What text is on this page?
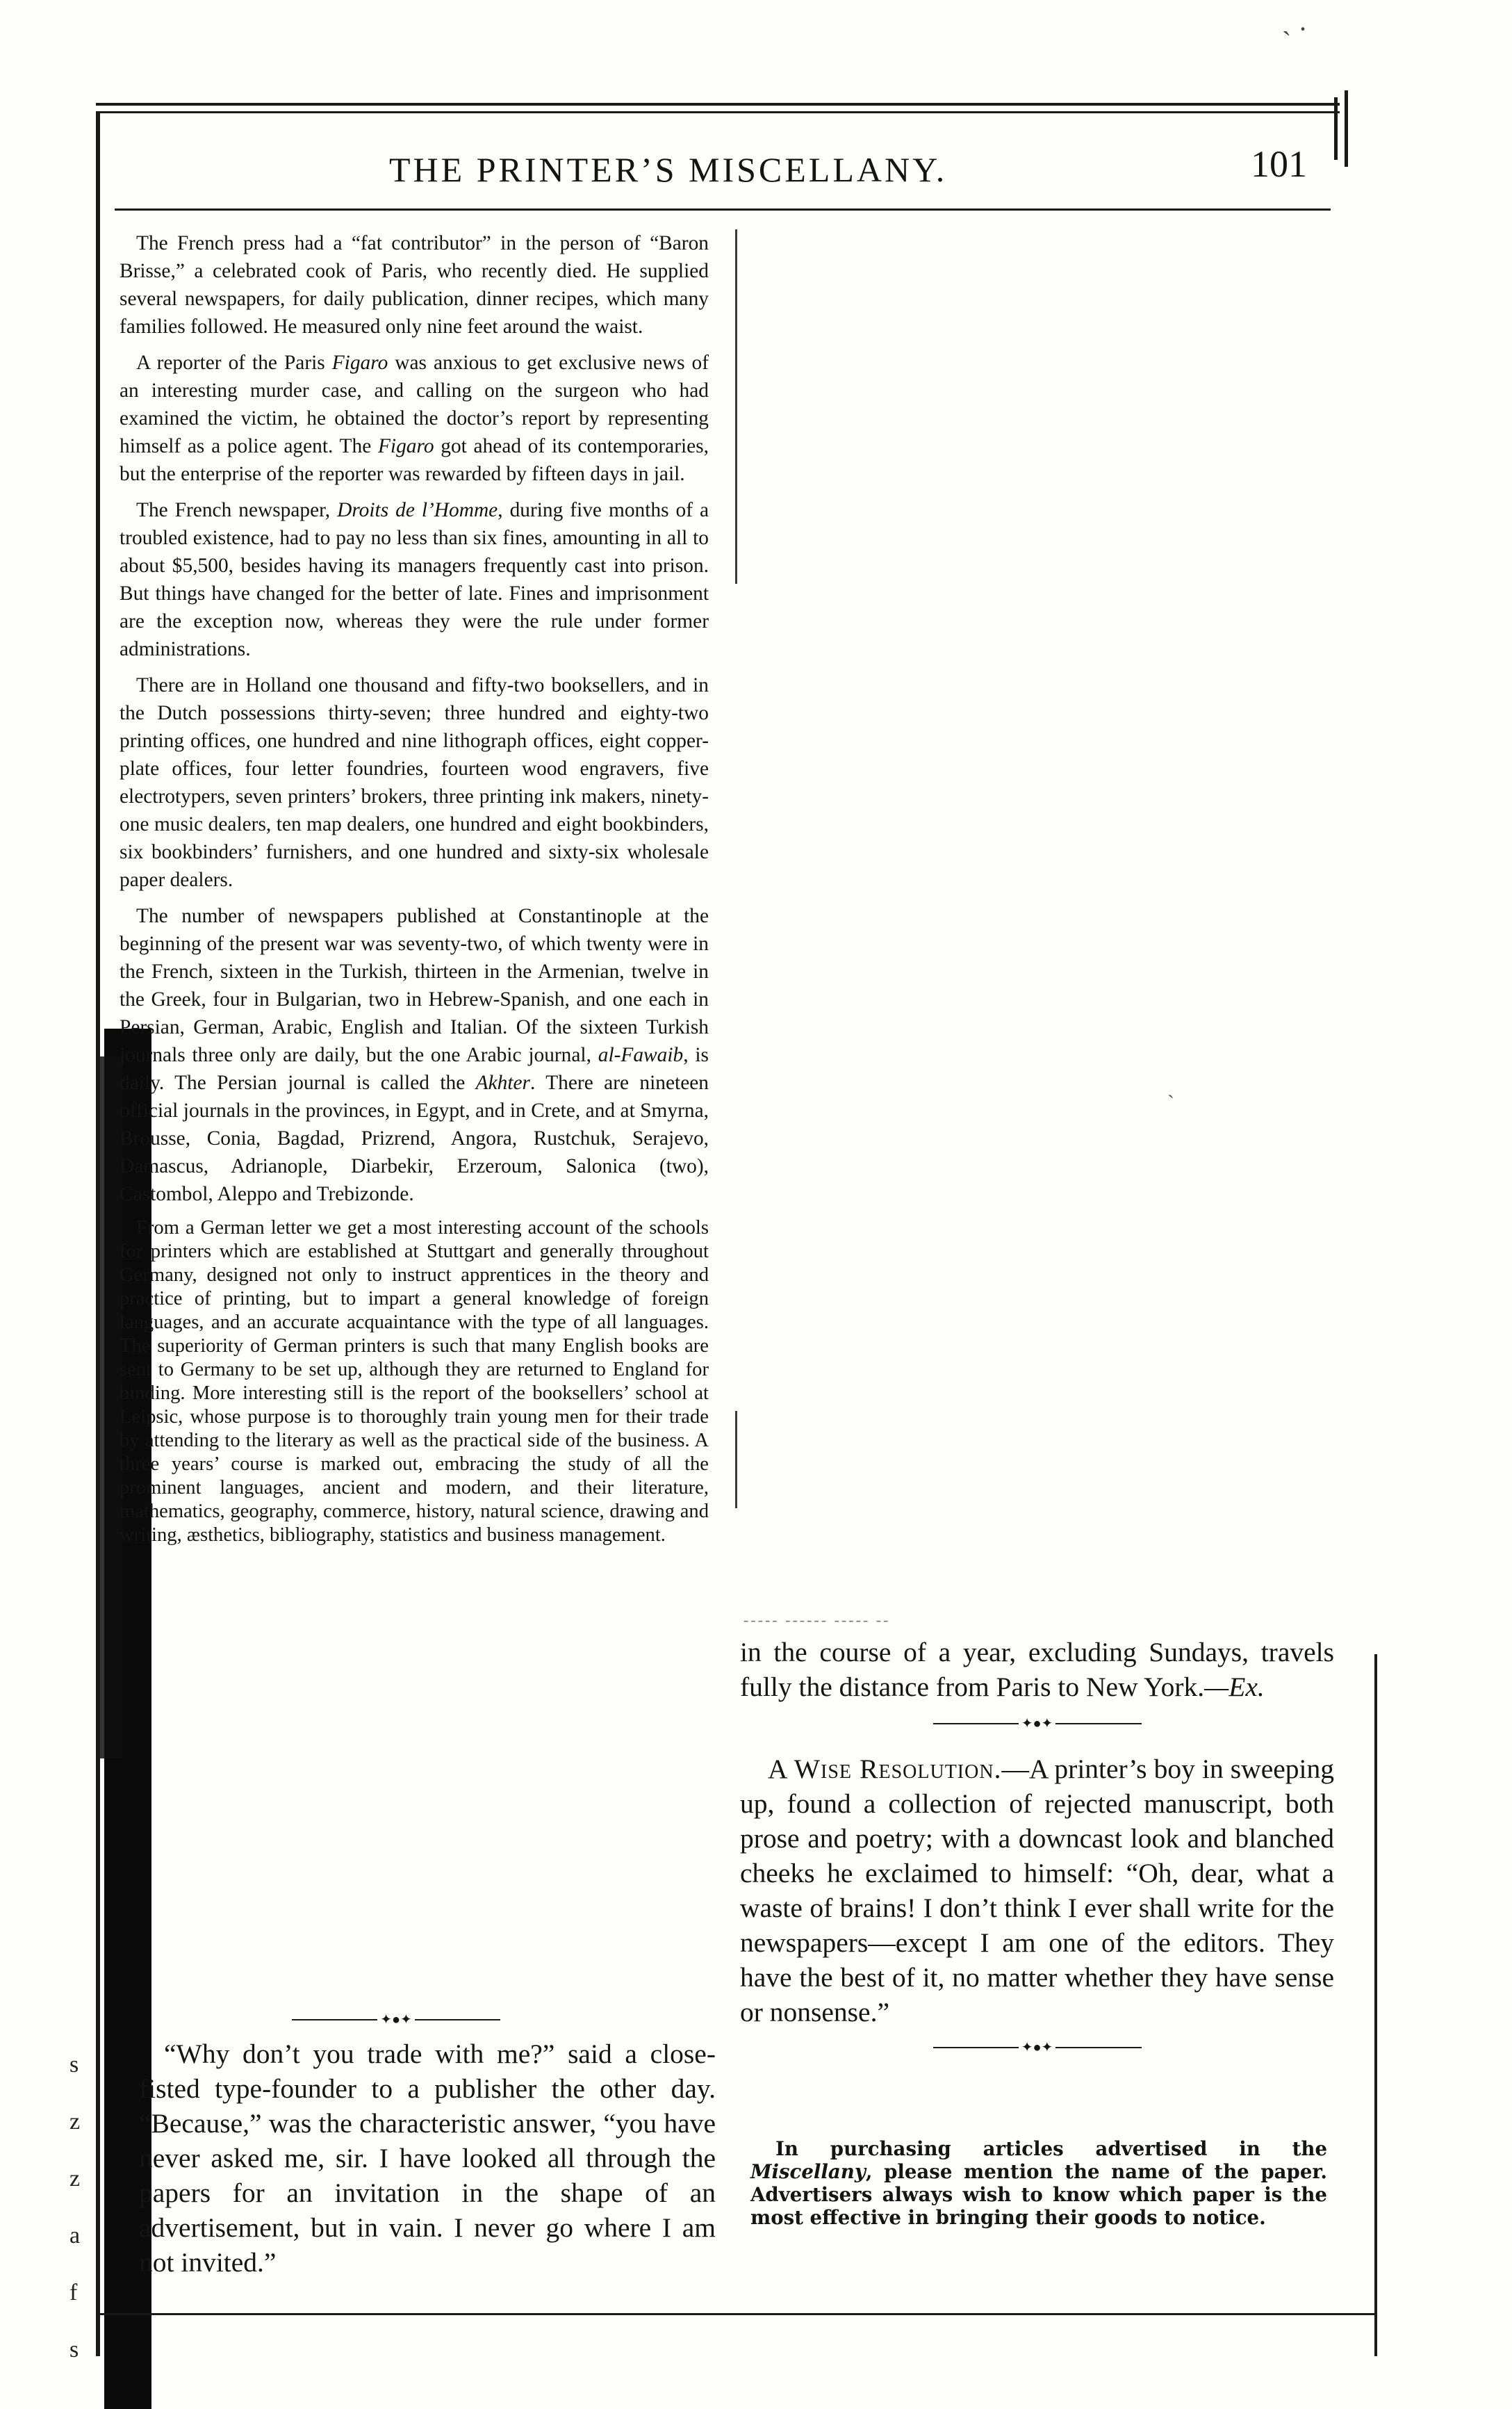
˴ ·
`
s
z
z
a
f
s
THE PRINTER’S MISCELLANY.	101

The French press had a “fat contributor” in the person of “Baron Brisse,” a celebrated cook of Paris, who recently died. He supplied several newspapers, for daily publication, dinner recipes, which many families followed. He measured only nine feet around the waist.

A reporter of the Paris Figaro was anxious to get exclusive news of an interesting murder case, and calling on the surgeon who had examined the victim, he obtained the doctor’s report by representing himself as a police agent. The Figaro got ahead of its contemporaries, but the enterprise of the reporter was rewarded by fifteen days in jail.

The French newspaper, Droits de l’Homme, during five months of a troubled existence, had to pay no less than six fines, amounting in all to about $5,500, besides having its managers frequently cast into prison. But things have changed for the better of late. Fines and imprisonment are the exception now, whereas they were the rule under former administrations.

There are in Holland one thousand and fifty-two booksellers, and in the Dutch possessions thirty-seven; three hundred and eighty-two printing offices, one hundred and nine lithograph offices, eight copper-plate offices, four letter foundries, fourteen wood engravers, five electrotypers, seven printers’ brokers, three printing ink makers, ninety-one music dealers, ten map dealers, one hundred and eight bookbinders, six bookbinders’ furnishers, and one hundred and sixty-six wholesale paper dealers.

The number of newspapers published at Constantinople at the beginning of the present war was seventy-two, of which twenty were in the French, sixteen in the Turkish, thirteen in the Armenian, twelve in the Greek, four in Bulgarian, two in Hebrew-Spanish, and one each in Persian, German, Arabic, English and Italian. Of the sixteen Turkish journals three only are daily, but the one Arabic journal, al-Fawaib, is daily. The Persian journal is called the Akhter. There are nineteen official journals in the provinces, in Egypt, and in Crete, and at Smyrna, Brousse, Conia, Bagdad, Prizrend, Angora, Rustchuk, Serajevo, Damascus, Adrianople, Diarbekir, Erzeroum, Salonica (two), Castombol, Aleppo and Trebizonde.

From a German letter we get a most interesting account of the schools for printers which are established at Stuttgart and generally throughout Germany, designed not only to instruct apprentices in the theory and practice of printing, but to impart a general knowledge of foreign languages, and an accurate acquaintance with the type of all languages. The superiority of German printers is such that many English books are sent to Germany to be set up, although they are returned to England for binding. More interesting still is the report of the booksellers’ school at Leipsic, whose purpose is to thoroughly train young men for their trade by attending to the literary as well as the practical side of the business. A three years’ course is marked out, embracing the study of all the prominent languages, ancient and modern, and their literature, mathematics, geography, commerce, history, natural science, drawing and writing, æsthetics, bibliography, statistics and business management.

✦●✦

“Why don’t you trade with me?” said a close-fisted type-founder to a publisher the other day. “Because,” was the characteristic answer, “you have never asked me, sir. I have looked all through the papers for an invitation in the shape of an advertisement, but in vain. I never go where I am not invited.”

----- ------ ----- --

in the course of a year, excluding Sundays, travels fully the distance from Paris to New York.—Ex.

✦●✦

A Wise Resolution.—A printer’s boy in sweeping up, found a collection of rejected manuscript, both prose and poetry; with a downcast look and blanched cheeks he exclaimed to himself: “Oh, dear, what a waste of brains! I don’t think I ever shall write for the newspapers—except I am one of the editors. They have the best of it, no matter whether they have sense or nonsense.”

✦●✦

In purchasing articles advertised in the Miscellany, please mention the name of the paper. Advertisers always wish to know which paper is the most effective in bringing their goods to notice.
